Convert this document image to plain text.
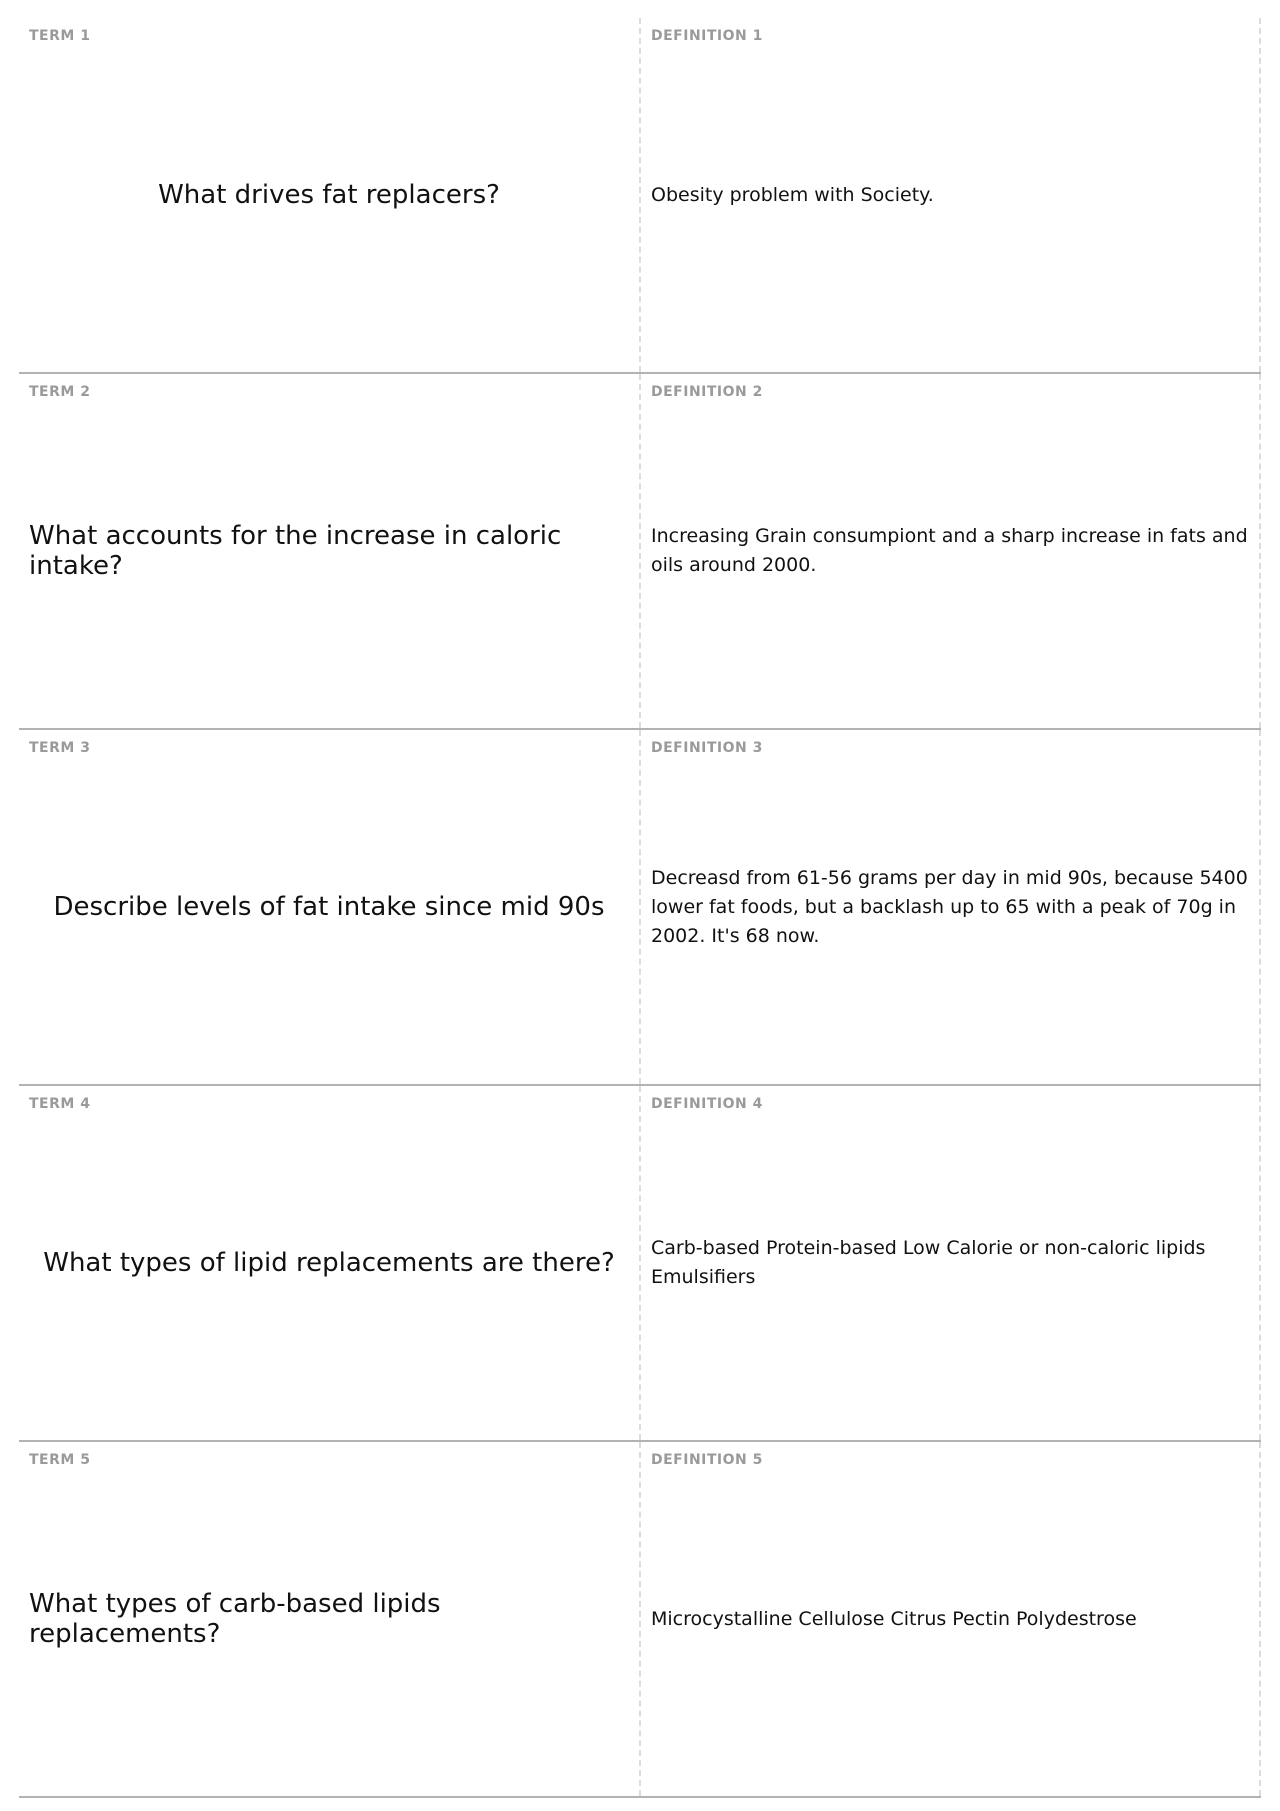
TERM 1
What drives fat replacers?
DEFINITION 1
Obesity problem with Society.
TERM 2
What accounts for the increase in caloric intake?
DEFINITION 2
Increasing Grain consumpiont and a sharp increase in fats and oils around 2000.
TERM 3
Describe levels of fat intake since mid 90s
DEFINITION 3
Decreasd from 61-56 grams per day in mid 90s, because 5400 lower fat foods, but a backlash up to 65 with a peak of 70g in 2002. It's 68 now.
TERM 4
What types of lipid replacements are there?
DEFINITION 4
Carb-based Protein-based Low Calorie or non-caloric lipids Emulsifiers
TERM 5
What types of carb-based lipids replacements?
DEFINITION 5
Microcystalline Cellulose Citrus Pectin Polydestrose
